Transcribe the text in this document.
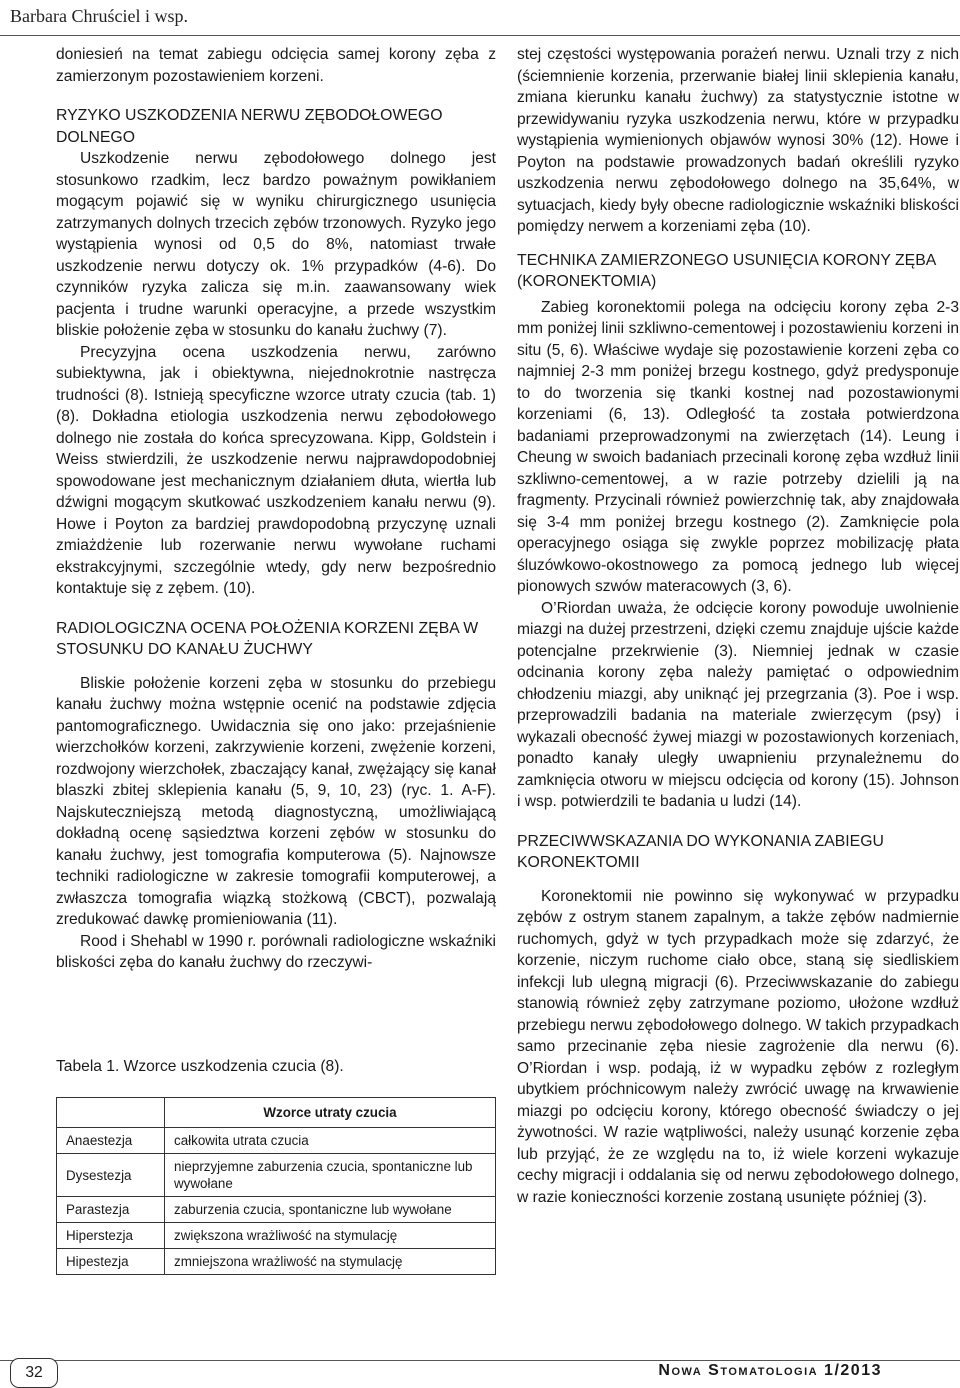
Barbara Chruściel i wsp.

doniesień na temat zabiegu odcięcia samej korony zęba z zamierzonym pozostawieniem korzeni.

RYZYKO USZKODZENIA NERWU ZĘBODOŁOWEGO DOLNEGO

Uszkodzenie nerwu zębodołowego dolnego jest stosunkowo rzadkim, lecz bardzo poważnym powikłaniem mogącym pojawić się w wyniku chirurgicznego usunięcia zatrzymanych dolnych trzecich zębów trzonowych. Ryzyko jego wystąpienia wynosi od 0,5 do 8%, natomiast trwałe uszkodzenie nerwu dotyczy ok. 1% przypadków (4-6). Do czynników ryzyka zalicza się m.in. zaawansowany wiek pacjenta i trudne warunki operacyjne, a przede wszystkim bliskie położenie zęba w stosunku do kanału żuchwy (7).

Precyzyjna ocena uszkodzenia nerwu, zarówno subiektywna, jak i obiektywna, niejednokrotnie nastręcza trudności (8). Istnieją specyficzne wzorce utraty czucia (tab. 1) (8). Dokładna etiologia uszkodzenia nerwu zębodołowego dolnego nie została do końca sprecyzowana. Kipp, Goldstein i Weiss stwierdzili, że uszkodzenie nerwu najprawdopodobniej spowodowane jest mechanicznym działaniem dłuta, wiertła lub dźwigni mogącym skutkować uszkodzeniem kanału nerwu (9). Howe i Poyton za bardziej prawdopodobną przyczynę uznali zmiażdżenie lub rozerwanie nerwu wywołane ruchami ekstrakcyjnymi, szczególnie wtedy, gdy nerw bezpośrednio kontaktuje się z zębem. (10).

RADIOLOGICZNA OCENA POŁOŻENIA KORZENI ZĘBA W STOSUNKU DO KANAŁU ŻUCHWY

Bliskie położenie korzeni zęba w stosunku do przebiegu kanału żuchwy można wstępnie ocenić na podstawie zdjęcia pantomograficznego. Uwidacznia się ono jako: przejaśnienie wierzchołków korzeni, zakrzywienie korzeni, zwężenie korzeni, rozdwojony wierzchołek, zbaczający kanał, zwężający się kanał blaszki zbitej sklepienia kanału (5, 9, 10, 23) (ryc. 1. A-F). Najskuteczniejszą metodą diagnostyczną, umożliwiającą dokładną ocenę sąsiedztwa korzeni zębów w stosunku do kanału żuchwy, jest tomografia komputerowa (5). Najnowsze techniki radiologiczne w zakresie tomografii komputerowej, a zwłaszcza tomografia wiązką stożkową (CBCT), pozwalają zredukować dawkę promieniowania (11).

Rood i Shehabl w 1990 r. porównali radiologiczne wskaźniki bliskości zęba do kanału żuchwy do rzeczywi-

Tabela 1. Wzorce uszkodzenia czucia (8).
	Wzorce utraty czucia
Anaestezja	całkowita utrata czucia
Dysestezja	nieprzyjemne zaburzenia czucia, spontaniczne lub wywołane
Parastezja	zaburzenia czucia, spontaniczne lub wywołane
Hiperstezja	zwiększona wrażliwość na stymulację
Hipestezja	zmniejszona wrażliwość na stymulację

stej częstości występowania porażeń nerwu. Uznali trzy z nich (ściemnienie korzenia, przerwanie białej linii sklepienia kanału, zmiana kierunku kanału żuchwy) za statystycznie istotne w przewidywaniu ryzyka uszkodzenia nerwu, które w przypadku wystąpienia wymienionych objawów wynosi 30% (12). Howe i Poyton na podstawie prowadzonych badań określili ryzyko uszkodzenia nerwu zębodołowego dolnego na 35,64%, w sytuacjach, kiedy były obecne radiologicznie wskaźniki bliskości pomiędzy nerwem a korzeniami zęba (10).

TECHNIKA ZAMIERZONEGO USUNIĘCIA KORONY ZĘBA (KORONEKTOMIA)

Zabieg koronektomii polega na odcięciu korony zęba 2-3 mm poniżej linii szkliwno-cementowej i pozostawieniu korzeni in situ (5, 6). Właściwe wydaje się pozostawienie korzeni zęba co najmniej 2-3 mm poniżej brzegu kostnego, gdyż predysponuje to do tworzenia się tkanki kostnej nad pozostawionymi korzeniami (6, 13). Odległość ta została potwierdzona badaniami przeprowadzonymi na zwierzętach (14). Leung i Cheung w swoich badaniach przecinali koronę zęba wzdłuż linii szkliwno-cementowej, a w razie potrzeby dzielili ją na fragmenty. Przycinali również powierzchnię tak, aby znajdowała się 3-4 mm poniżej brzegu kostnego (2). Zamknięcie pola operacyjnego osiąga się zwykle poprzez mobilizację płata śluzówkowo-okostnowego za pomocą jednego lub więcej pionowych szwów materacowych (3, 6).

O’Riordan uważa, że odcięcie korony powoduje uwolnienie miazgi na dużej przestrzeni, dzięki czemu znajduje ujście każde potencjalne przekrwienie (3). Niemniej jednak w czasie odcinania korony zęba należy pamiętać o odpowiednim chłodzeniu miazgi, aby uniknąć jej przegrzania (3). Poe i wsp. przeprowadzili badania na materiale zwierzęcym (psy) i wykazali obecność żywej miazgi w pozostawionych korzeniach, ponadto kanały uległy uwapnieniu przynależnemu do zamknięcia otworu w miejscu odcięcia od korony (15). Johnson i wsp. potwierdzili te badania u ludzi (14).

PRZECIWWSKAZANIA DO WYKONANIA ZABIEGU KORONEKTOMII

Koronektomii nie powinno się wykonywać w przypadku zębów z ostrym stanem zapalnym, a także zębów nadmiernie ruchomych, gdyż w tych przypadkach może się zdarzyć, że korzenie, niczym ruchome ciało obce, staną się siedliskiem infekcji lub ulegną migracji (6). Przeciwwskazanie do zabiegu stanowią również zęby zatrzymane poziomo, ułożone wzdłuż przebiegu nerwu zębodołowego dolnego. W takich przypadkach samo przecinanie zęba niesie zagrożenie dla nerwu (6). O’Riordan i wsp. podają, iż w wypadku zębów z rozległym ubytkiem próchnicowym należy zwrócić uwagę na krwawienie miazgi po odcięciu korony, którego obecność świadczy o jej żywotności. W razie wątpliwości, należy usunąć korzenie zęba lub przyjąć, że ze względu na to, iż wiele korzeni wykazuje cechy migracji i oddalania się od nerwu zębodołowego dolnego, w razie konieczności korzenie zostaną usunięte później (3).

32	Nowa Stomatologia 1/2013
